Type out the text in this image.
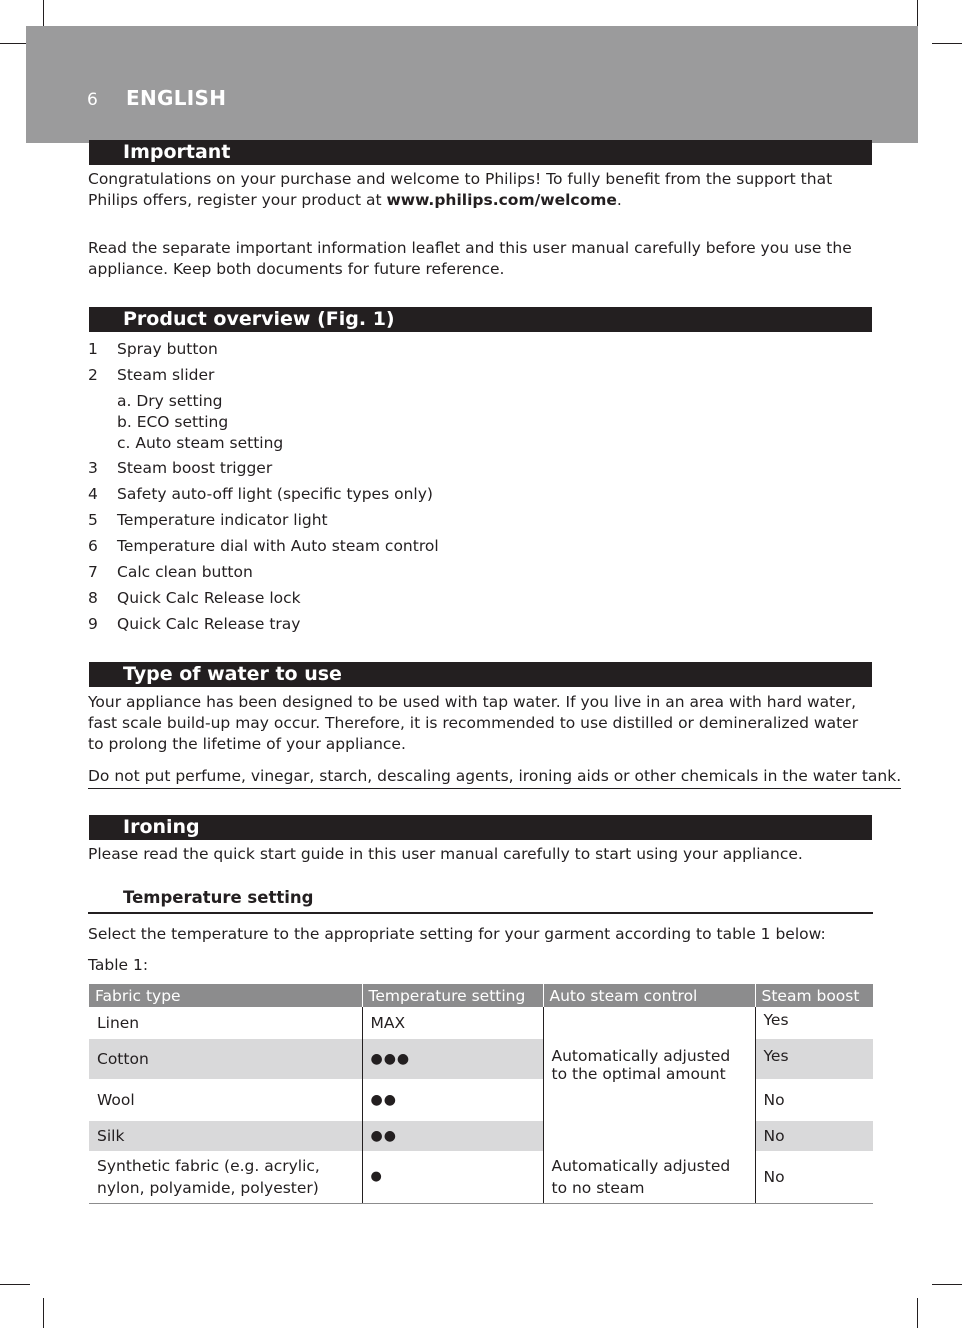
6 ENGLISH
Important
Congratulations on your purchase and welcome to Philips! To fully benefit from the support that Philips offers, register your product at www.philips.com/welcome.
Read the separate important information leaflet and this user manual carefully before you use the appliance. Keep both documents for future reference.
Product overview (Fig. 1)
1	Spray button
2	Steam slider
a. Dry setting
b. ECO setting
c. Auto steam setting
3	Steam boost trigger
4	Safety auto-off light (specific types only)
5	Temperature indicator light
6	Temperature dial with Auto steam control
7	Calc clean button
8	Quick Calc Release lock
9	Quick Calc Release tray
Type of water to use
Your appliance has been designed to be used with tap water. If you live in an area with hard water, fast scale build-up may occur. Therefore, it is recommended to use distilled or demineralized water to prolong the lifetime of your appliance.
Do not put perfume, vinegar, starch, descaling agents, ironing aids or other chemicals in the water tank.
Ironing
Please read the quick start guide in this user manual carefully to start using your appliance.
Temperature setting
Select the temperature to the appropriate setting for your garment according to table 1 below:
Table 1:
Fabric type	Temperature setting	Auto steam control	Steam boost
Linen	MAX	Automatically adjusted to the optimal amount	Yes
Cotton	●●●		Yes
Wool	●●		No
Silk	●●		No
Synthetic fabric (e.g. acrylic, nylon, polyamide, polyester)	●	Automatically adjusted to no steam	No
